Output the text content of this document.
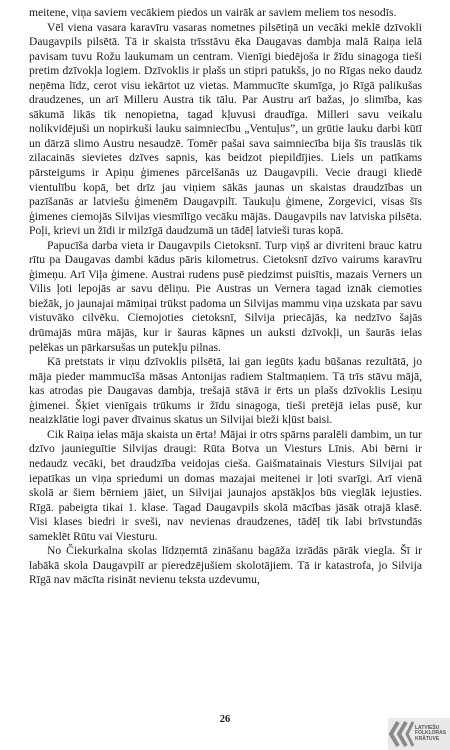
meitene, viņa saviem vecākiem piedos un vairāk ar saviem meliem tos nesodīs.

Vēl viena vasara karavīru vasaras nometnes pilsētiņā un vecāki meklē dzīvokli Daugavpils pilsētā. Tā ir skaista trīsstāvu ēka Daugavas dambja malā Raiņa ielā pavisam tuvu Rožu laukumam un centram. Vienīgi biedējoša ir žīdu sinagoga tieši pretim dzīvokļa logiem. Dzīvoklis ir plašs un stipri patukšs, jo no Rīgas neko daudz neņēma līdz, cerot visu iekārtot uz vietas. Mammucīte skumīga, jo Rīgā palikušas draudzenes, un arī Milleru Austra tik tālu. Par Austru arī bažas, jo slimība, kas sākumā likās tik nenopietna, tagad kļuvusi draudīga. Milleri savu veikalu nolikvidējuši un nopirkuši lauku saimniecību „Ventuļus”, un grūtie lauku darbi kūtī un dārzā slimo Austru nesaudzē. Tomēr pašai sava saimniecība bija šīs trauslās tik zilacainās sievietes dzīves sapnis, kas beidzot piepildījies. Liels un patīkams pārsteigums ir Apiņu ģimenes pārcelšanās uz Daugavpili. Vecie draugi kliedē vientulību kopā, bet drīz jau viņiem sākās jaunas un skaistas draudzības un pazīšanās ar latviešu ģimenēm Daugavpilī. Taukuļu ģimene, Zorgevici, visas šīs ģimenes ciemojās Silvijas viesmīlīgo vecāku mājās. Daugavpils nav latviska pilsēta. Poļi, krievi un žīdi ir milzīgā daudzumā un tādēļ latvieši turas kopā.

Papucīša darba vieta ir Daugavpils Cietoksnī. Turp viņš ar divriteni brauc katru rītu pa Daugavas dambi kādus pāris kilometrus. Cietoksnī dzīvo vairums karavīru ģimeņu. Arī Viļa ģimene. Austrai rudens pusē piedzimst puisītis, mazais Verners un Vilis ļoti lepojās ar savu dēliņu. Pie Austras un Vernera tagad iznāk ciemoties biežāk, jo jaunajai māmiņai trūkst padoma un Silvijas mammu viņa uzskata par savu vistuvāko cilvēku. Ciemojoties cietoksnī, Silvija priecājās, ka nedzīvo šajās drūmajās mūra mājās, kur ir šauras kāpnes un auksti dzīvokļi, un šaurās ielas pelēkas un pārkarsušas un putekļu pilnas.

Kā pretstats ir viņu dzīvoklis pilsētā, lai gan iegūts ķadu būšanas rezultātā, jo māja pieder mammucīša māsas Antonijas radiem Staltmaņiem. Tā trīs stāvu mājā, kas atrodas pie Daugavas dambja, trešajā stāvā ir ērts un plašs dzīvoklis Lesiņu ģimenei. Šķiet vienīgais trūkums ir žīdu sinagoga, tieši pretējā ielas pusē, kur neaizklātie logi paver dīvainus skatus un Silvijai bieži kļūst baisi.

Cik Raiņa ielas māja skaista un ērta! Mājai ir otrs spārns paralēli dambim, un tur dzīvo jaunieguītie Silvijas draugi: Rūta Botva un Viesturs Līnis. Abi bērni ir nedaudz vecāki, bet draudzība veidojas cieša. Gaišmatainais Viesturs Silvijai pat iepatīkas un viņa spriedumi un domas mazajai meitenei ir ļoti svarīgi. Arī vienā skolā ar šiem bērniem jāiet, un Silvijai jaunajos apstākļos būs vieglāk iejusties. Rīgā. pabeigta tikai 1. klase. Tagad Daugavpils skolā mācības jāsāk otrajā klasē. Visi klases biedri ir sveši, nav nevienas draudzenes, tādēļ tik labi brīvstundās sameklēt Rūtu vai Viesturu.

No Čiekurkalna skolas līdzņemtā zināšanu bagāža izrādās pārāk viegla. Šī ir labākā skola Daugavpilī ar pieredzējušiem skolotājiem. Tā ir katastrofa, jo Silvija Rīgā nav mācīta risināt nevienu teksta uzdevumu,

26
LATVIEŠU
FOLKLORAS
KRĀTUVE
